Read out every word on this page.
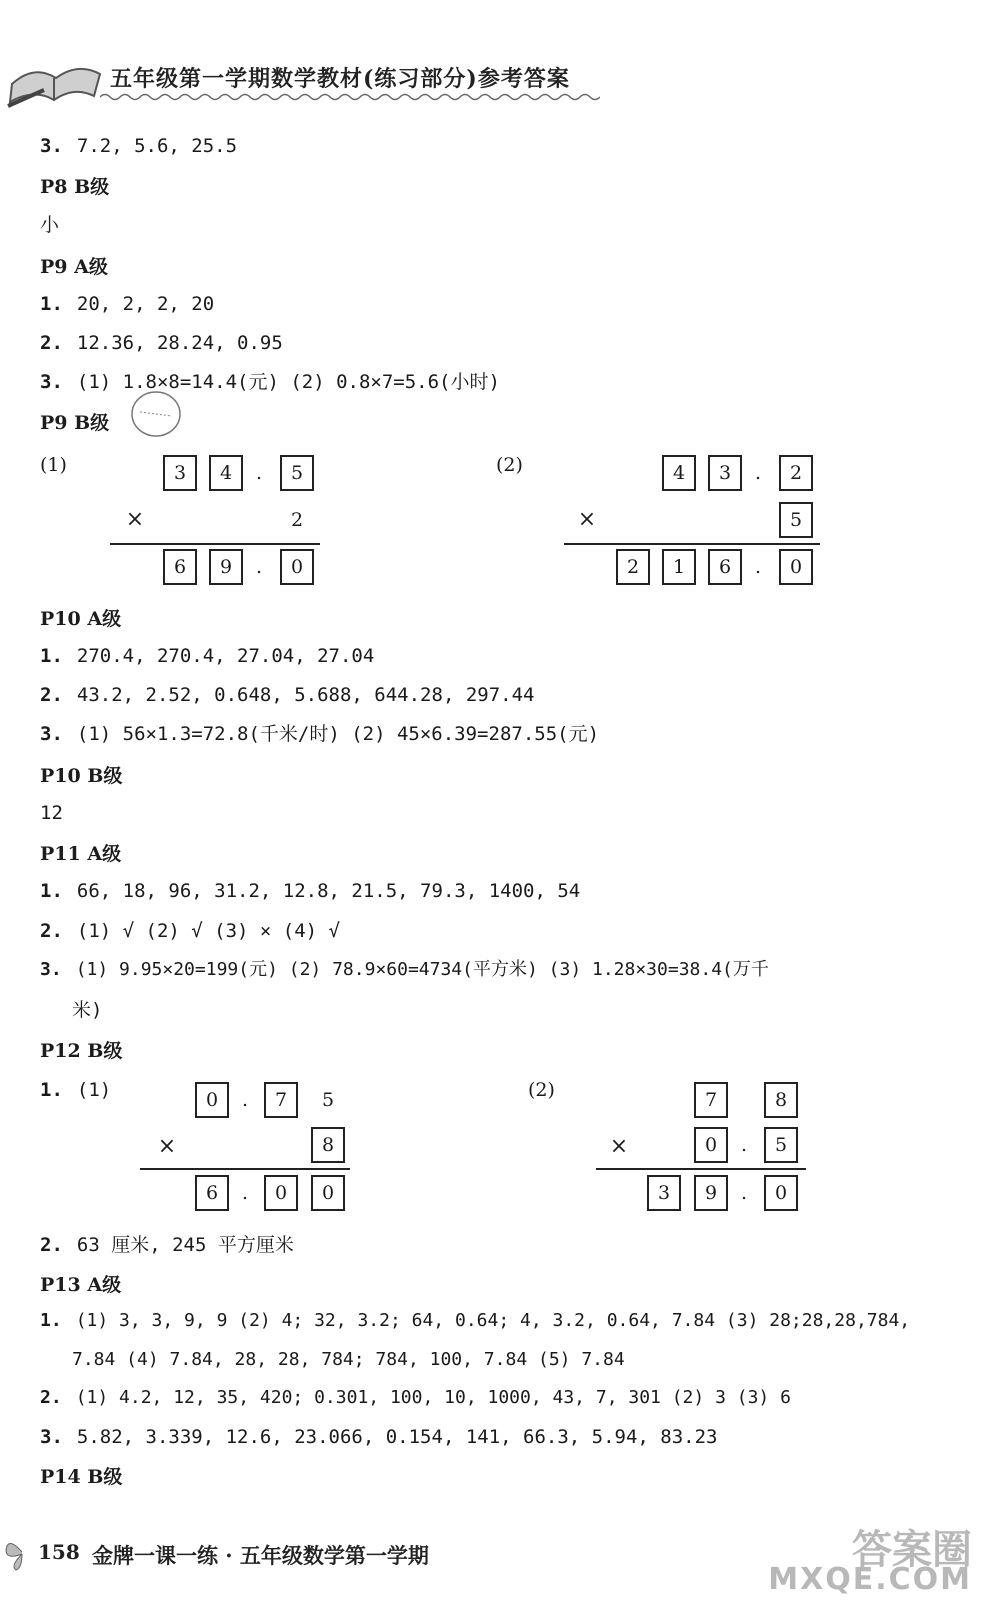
五年级第一学期数学教材(练习部分)参考答案
3. 7.2, 5.6, 25.5
P8 B级
小
P9 A级
1. 20, 2, 2, 20
2. 12.36, 28.24, 0.95
3. (1) 1.8×8=14.4(元) (2) 0.8×7=5.6(小时)
P9 B级
(1)	3	4	.	5
×	2
6	9	.	0
(2)	4	3	.	2
×	5
2	1	6	.	0
P10 A级
1. 270.4, 270.4, 27.04, 27.04
2. 43.2, 2.52, 0.648, 5.688, 644.28, 297.44
3. (1) 56×1.3=72.8(千米/时) (2) 45×6.39=287.55(元)
P10 B级
12
P11 A级
1. 66, 18, 96, 31.2, 12.8, 21.5, 79.3, 1400, 54
2. (1) √ (2) √ (3) × (4) √
3. (1) 9.95×20=199(元) (2) 78.9×60=4734(平方米) (3) 1.28×30=38.4(万千
米)
P12 B级
1. (1)	0	.	7	5
×	8
6	.	0	0
(2)	7	8
×	0	.	5
3	9	.	0
2. 63 厘米, 245 平方厘米
P13 A级
1. (1) 3, 3, 9, 9 (2) 4; 32, 3.2; 64, 0.64; 4, 3.2, 0.64, 7.84 (3) 28;28,28,784,
7.84 (4) 7.84, 28, 28, 784; 784, 100, 7.84 (5) 7.84
2. (1) 4.2, 12, 35, 420; 0.301, 100, 10, 1000, 43, 7, 301 (2) 3 (3) 6
3. 5.82, 3.339, 12.6, 23.066, 0.154, 141, 66.3, 5.94, 83.23
P14 B级
158 金牌一课一练 · 五年级数学第一学期	答案圈
MXQE.COM
